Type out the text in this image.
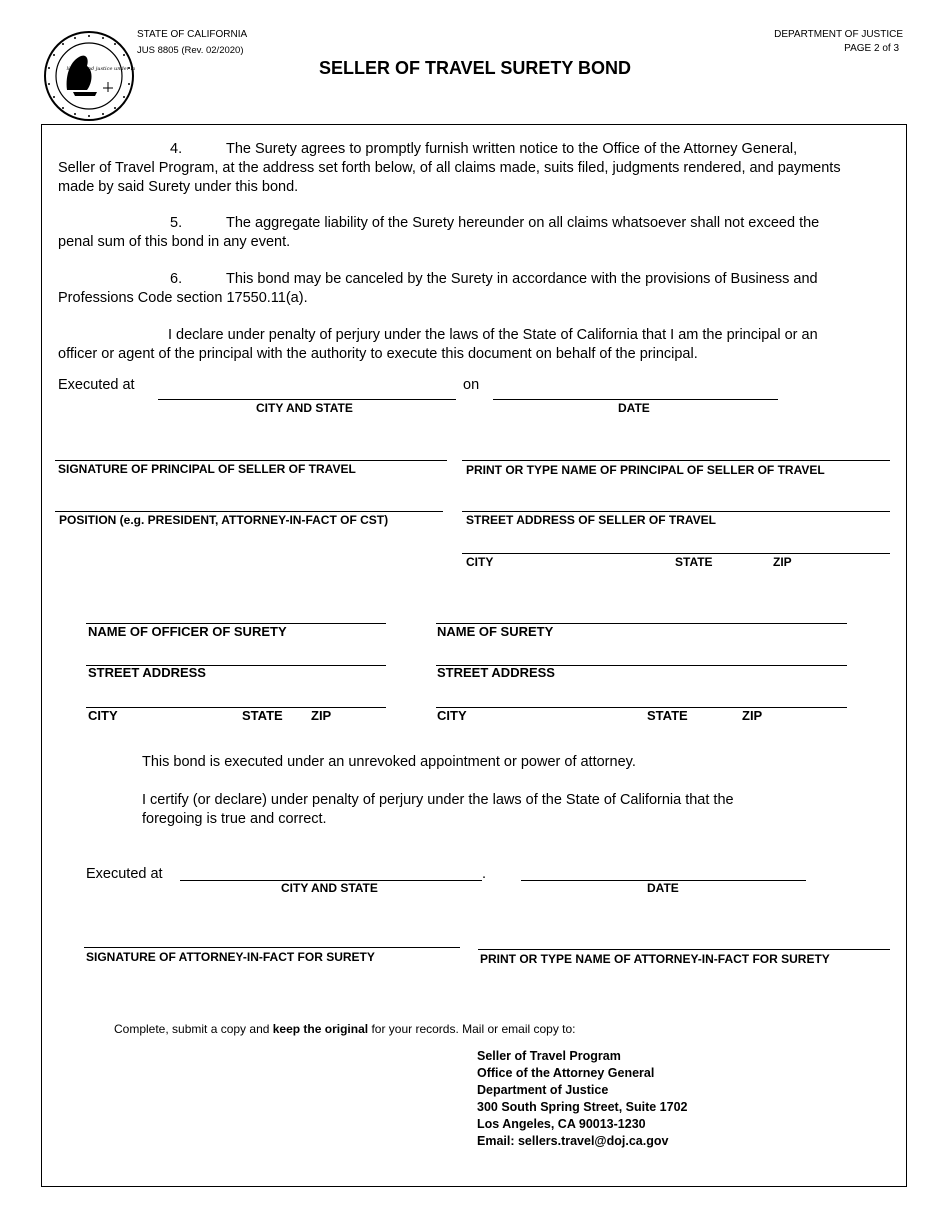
liberty and justice under law
STATE OF CALIFORNIA
JUS 8805 (Rev. 02/2020)
DEPARTMENT OF JUSTICE
PAGE 2 of 3
SELLER OF TRAVEL SURETY BOND
4.	The Surety agrees to promptly furnish written notice to the Office of the Attorney General,
Seller of Travel Program, at the address set forth below, of all claims made, suits filed, judgments rendered, and payments made by said Surety under this bond.
5.	The aggregate liability of the Surety hereunder on all claims whatsoever shall not exceed the
penal sum of this bond in any event.
6.	This bond may be canceled by the Surety in accordance with the provisions of Business and
Professions Code section 17550.11(a).
I declare under penalty of perjury under the laws of the State of California that I am the principal or an
officer or agent of the principal with the authority to execute this document on behalf of the principal.
Executed at
CITY AND STATE
on
DATE
SIGNATURE OF PRINCIPAL OF SELLER OF TRAVEL	PRINT OR TYPE NAME OF PRINCIPAL OF SELLER OF TRAVEL
POSITION (e.g. PRESIDENT, ATTORNEY-IN-FACT OF CST)	STREET ADDRESS OF SELLER OF TRAVEL
CITY	STATE	ZIP
NAME OF OFFICER OF SURETY	NAME OF SURETY
STREET ADDRESS	STREET ADDRESS
CITY	STATE ZIP	CITY	STATE	ZIP
This bond is executed under an unrevoked appointment or power of attorney.
I certify (or declare) under penalty of perjury under the laws of the State of California that the
foregoing is true and correct.
Executed at	.
CITY AND STATE	DATE
SIGNATURE OF ATTORNEY-IN-FACT FOR SURETY	PRINT OR TYPE NAME OF ATTORNEY-IN-FACT FOR SURETY
Complete, submit a copy and keep the original for your records. Mail or email copy to:
Seller of Travel Program
Office of the Attorney General
Department of Justice
300 South Spring Street, Suite 1702
Los Angeles, CA 90013-1230
Email: sellers.travel@doj.ca.gov
